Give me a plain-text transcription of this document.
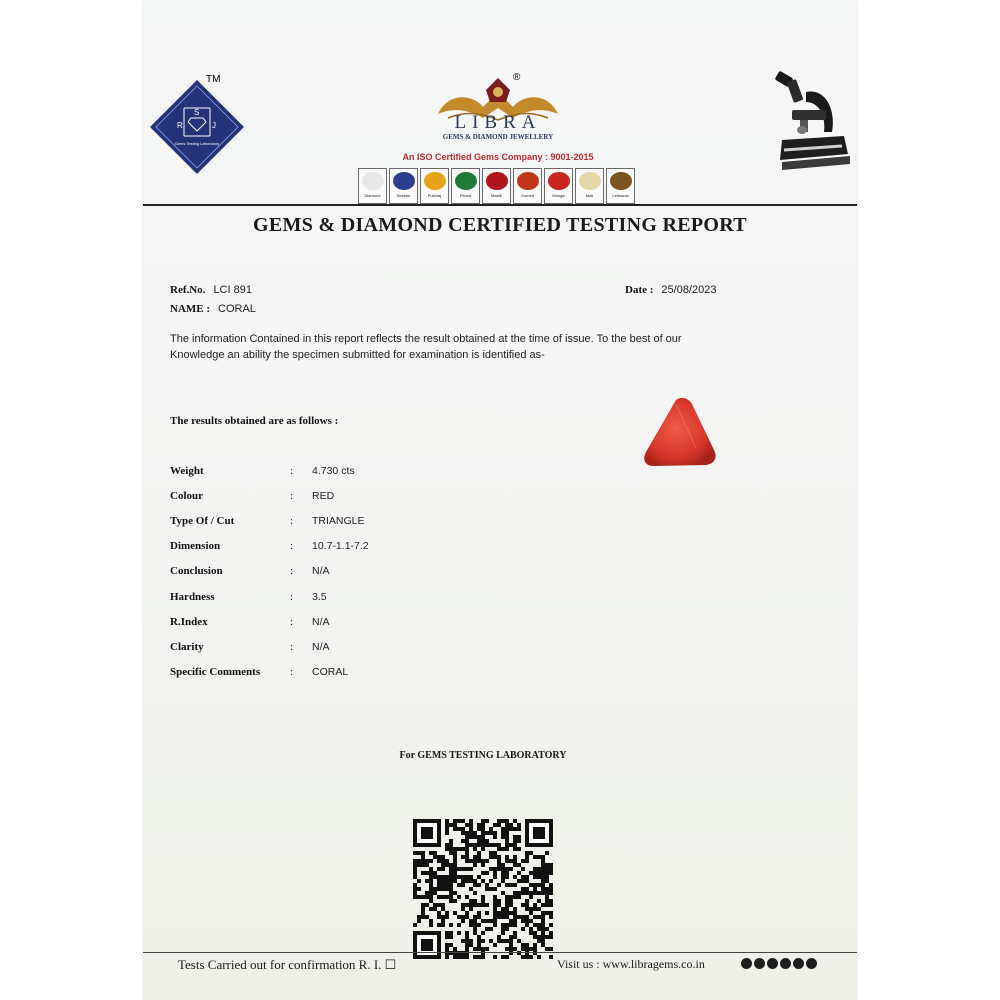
TM
S
R	J
Gems Testing Laboratory
®
LIBRA
GEMS & DIAMOND JEWELLERY
An ISO Certified Gems Company : 9001-2015
Diamond	Neelam	Pukhraj	Panna	Manik	Gomed	Munga	Moti	Lehsunia
GEMS & DIAMOND CERTIFIED TESTING REPORT
Ref.No. LCI 891
NAME : CORAL
Date : 25/08/2023
The information Contained in this report reflects the result obtained at the time of issue. To the best of our
Knowledge an ability the specimen submitted for examination is identified as-
The results obtained are as follows :
Weight	:	4.730 cts
Colour	:	RED
Type Of / Cut	:	TRIANGLE
Dimension	:	10.7-1.1-7.2
Conclusion	:	N/A
Hardness	:	3.5
R.Index	:	N/A
Clarity	:	N/A
Specific Comments	:	CORAL
For GEMS TESTING LABORATORY
Tests Carried out for confirmation R. I. ☐	Visit us : www.libragems.co.in
